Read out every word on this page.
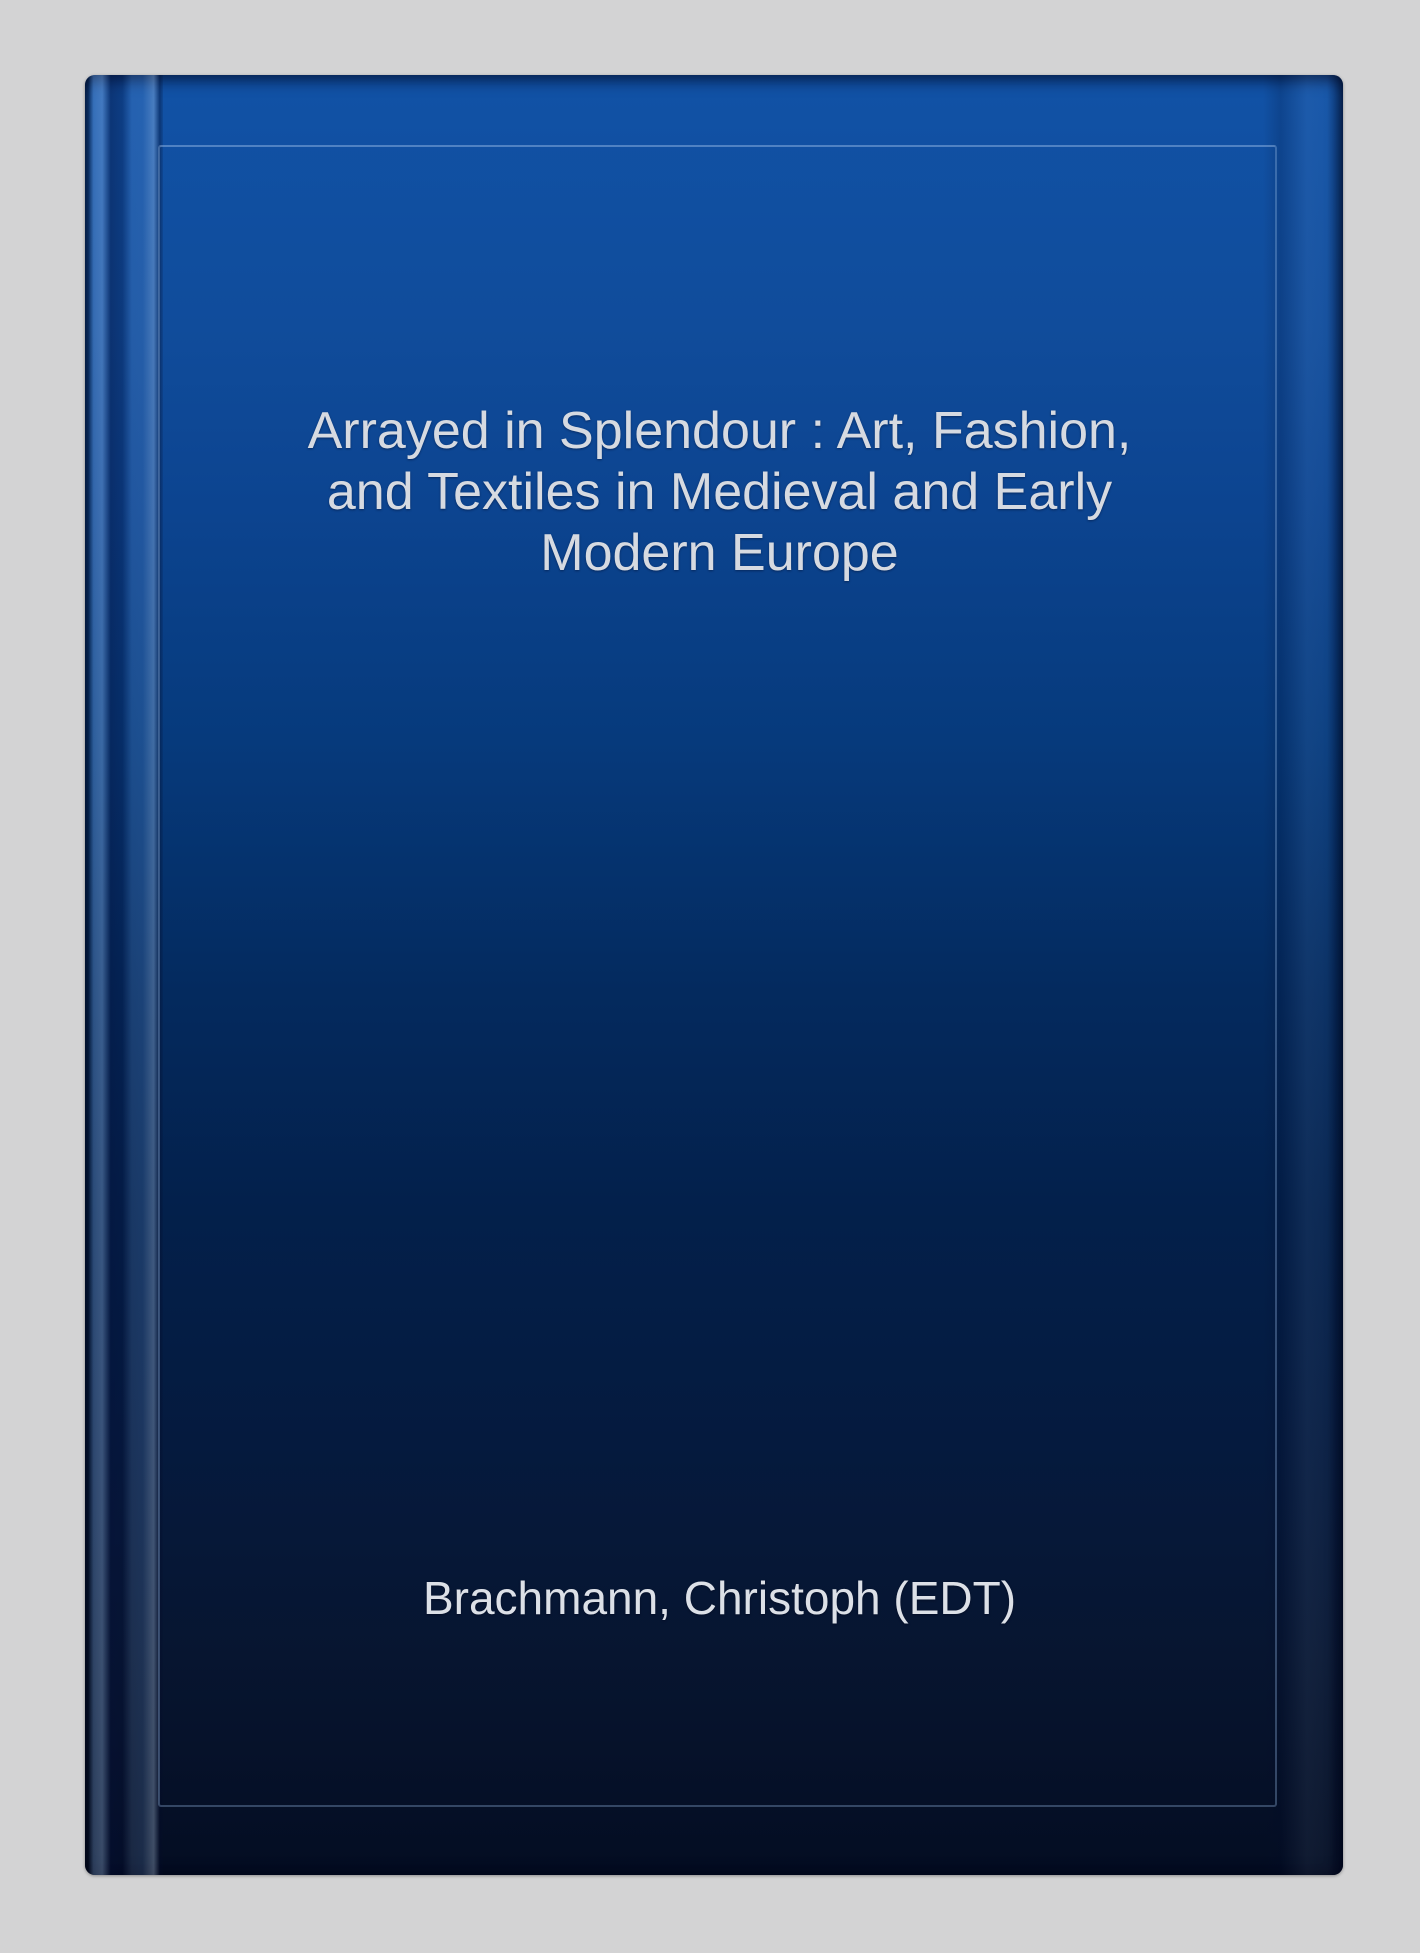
Arrayed in Splendour : Art, Fashion,
and Textiles in Medieval and Early
Modern Europe
Brachmann, Christoph (EDT)
